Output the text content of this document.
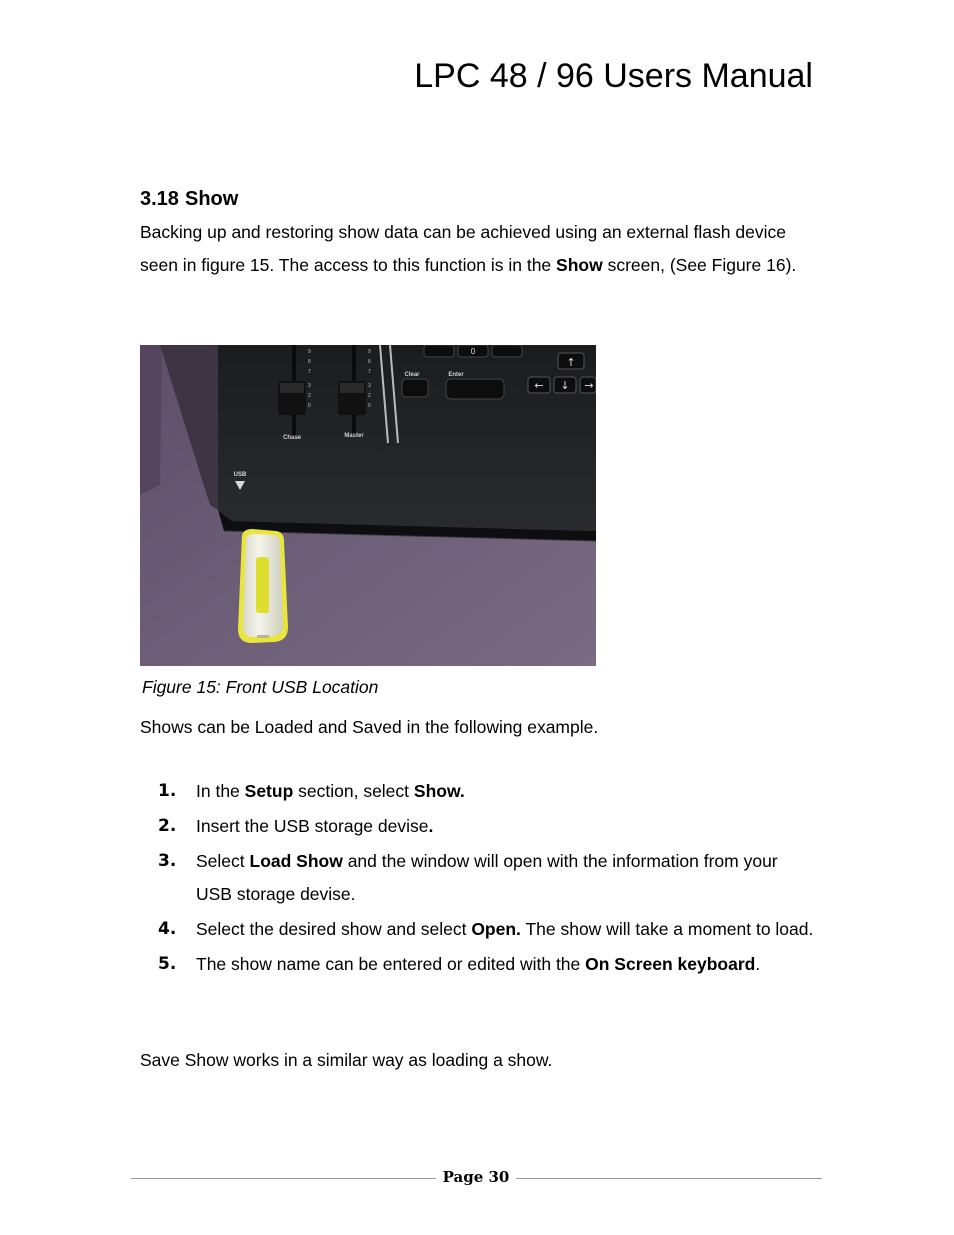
LPC 48 / 96 Users Manual
3.18 Show
Backing up and restoring show data can be achieved using an external flash device seen in figure 15. The access to this function is in the Show screen, (See Figure 16).
Chase	Master
9
8
7
3
2
0
9
8
7
3
2
0
0
↑
Clear	Enter
← ↓ →
USB
Figure 15: Front USB Location
Shows can be Loaded and Saved in the following example.
1. In the Setup section, select Show.
2. Insert the USB storage devise.
3. Select Load Show and the window will open with the information from your USB storage devise.
4. Select the desired show and select Open. The show will take a moment to load.
5. The show name can be entered or edited with the On Screen keyboard.
Save Show works in a similar way as loading a show.
Page 30
